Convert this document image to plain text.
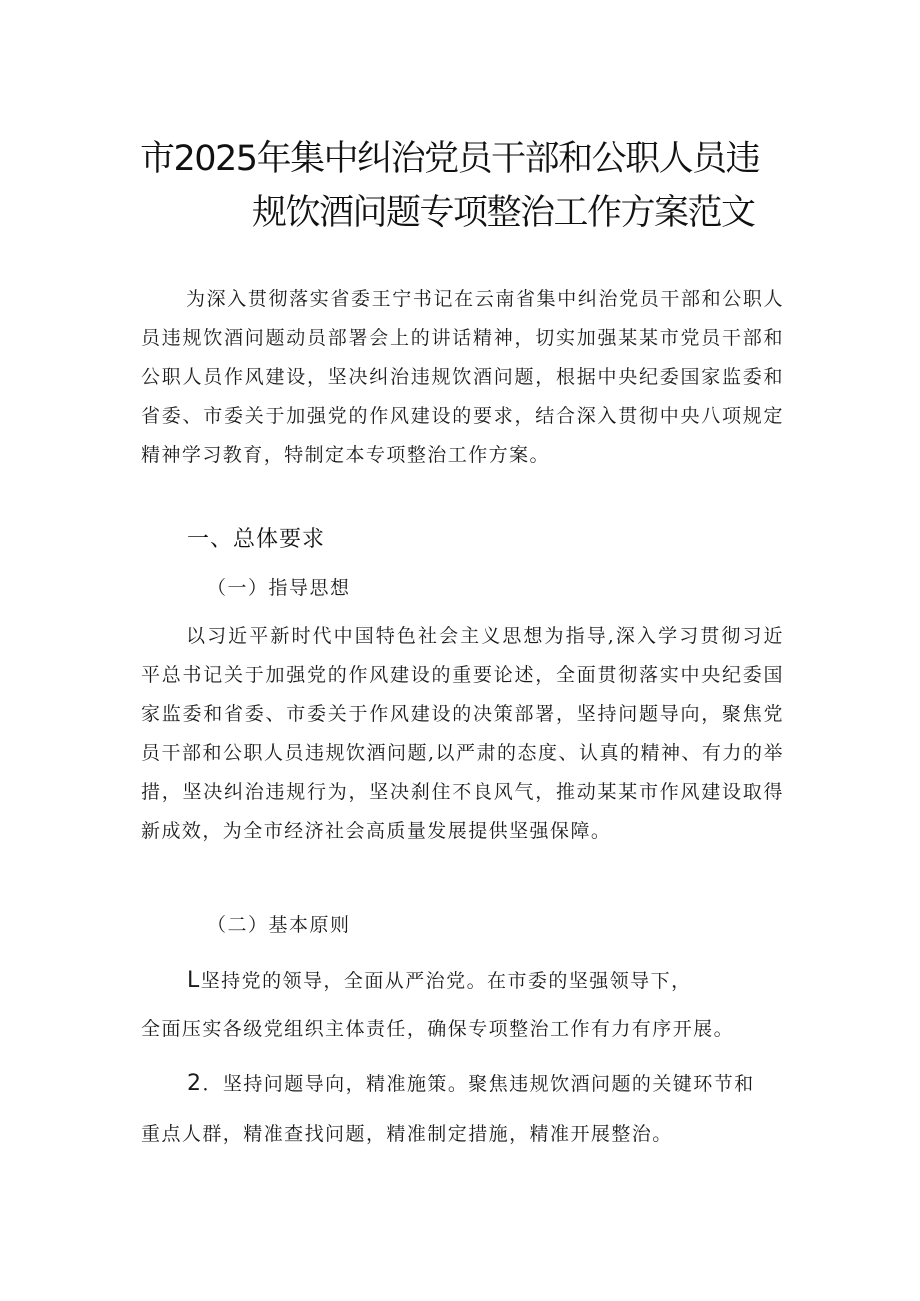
市2025年集中纠治党员干部和公职人员违
规饮酒问题专项整治工作方案范文
为深入贯彻落实省委王宁书记在云南省集中纠治党员干部和公职人员违规饮酒问题动员部署会上的讲话精神，切实加强某某市党员干部和公职人员作风建设，坚决纠治违规饮酒问题，根据中央纪委国家监委和省委、市委关于加强党的作风建设的要求，结合深入贯彻中央八项规定精神学习教育，特制定本专项整治工作方案。
一、总体要求
（一）指导思想
以习近平新时代中国特色社会主义思想为指导,深入学习贯彻习近平总书记关于加强党的作风建设的重要论述，全面贯彻落实中央纪委国家监委和省委、市委关于作风建设的决策部署，坚持问题导向，聚焦党员干部和公职人员违规饮酒问题,以严肃的态度、认真的精神、有力的举措，坚决纠治违规行为，坚决刹住不良风气，推动某某市作风建设取得新成效，为全市经济社会高质量发展提供坚强保障。
（二）基本原则
L坚持党的领导，全面从严治党。在市委的坚强领导下，
全面压实各级党组织主体责任，确保专项整治工作有力有序开展。
2．坚持问题导向，精准施策。聚焦违规饮酒问题的关键环节和
重点人群，精准查找问题，精准制定措施，精准开展整治。
